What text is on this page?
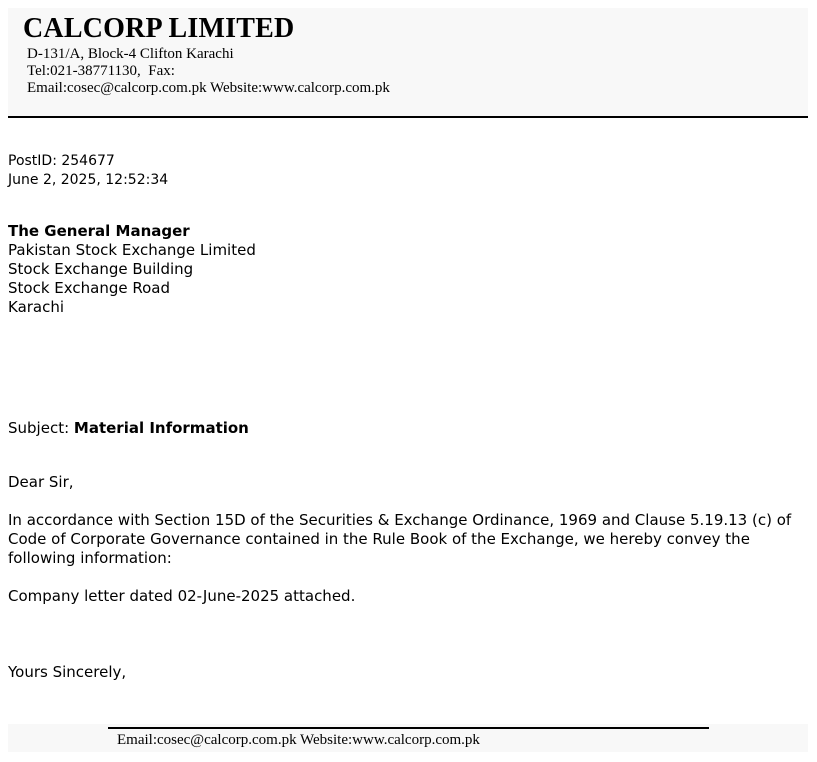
CALCORP LIMITED
D-131/A, Block-4 Clifton Karachi
Tel:021-38771130,  Fax:
Email:cosec@calcorp.com.pk Website:www.calcorp.com.pk
PostID: 254677
June 2, 2025, 12:52:34
The General Manager
Pakistan Stock Exchange Limited
Stock Exchange Building
Stock Exchange Road
Karachi
Subject: Material Information
Dear Sir,
In accordance with Section 15D of the Securities & Exchange Ordinance, 1969 and Clause 5.19.13 (c) of Code of Corporate Governance contained in the Rule Book of the Exchange, we hereby convey the following information:
Company letter dated 02-June-2025 attached.
Yours Sincerely,
Email:cosec@calcorp.com.pk Website:www.calcorp.com.pk
